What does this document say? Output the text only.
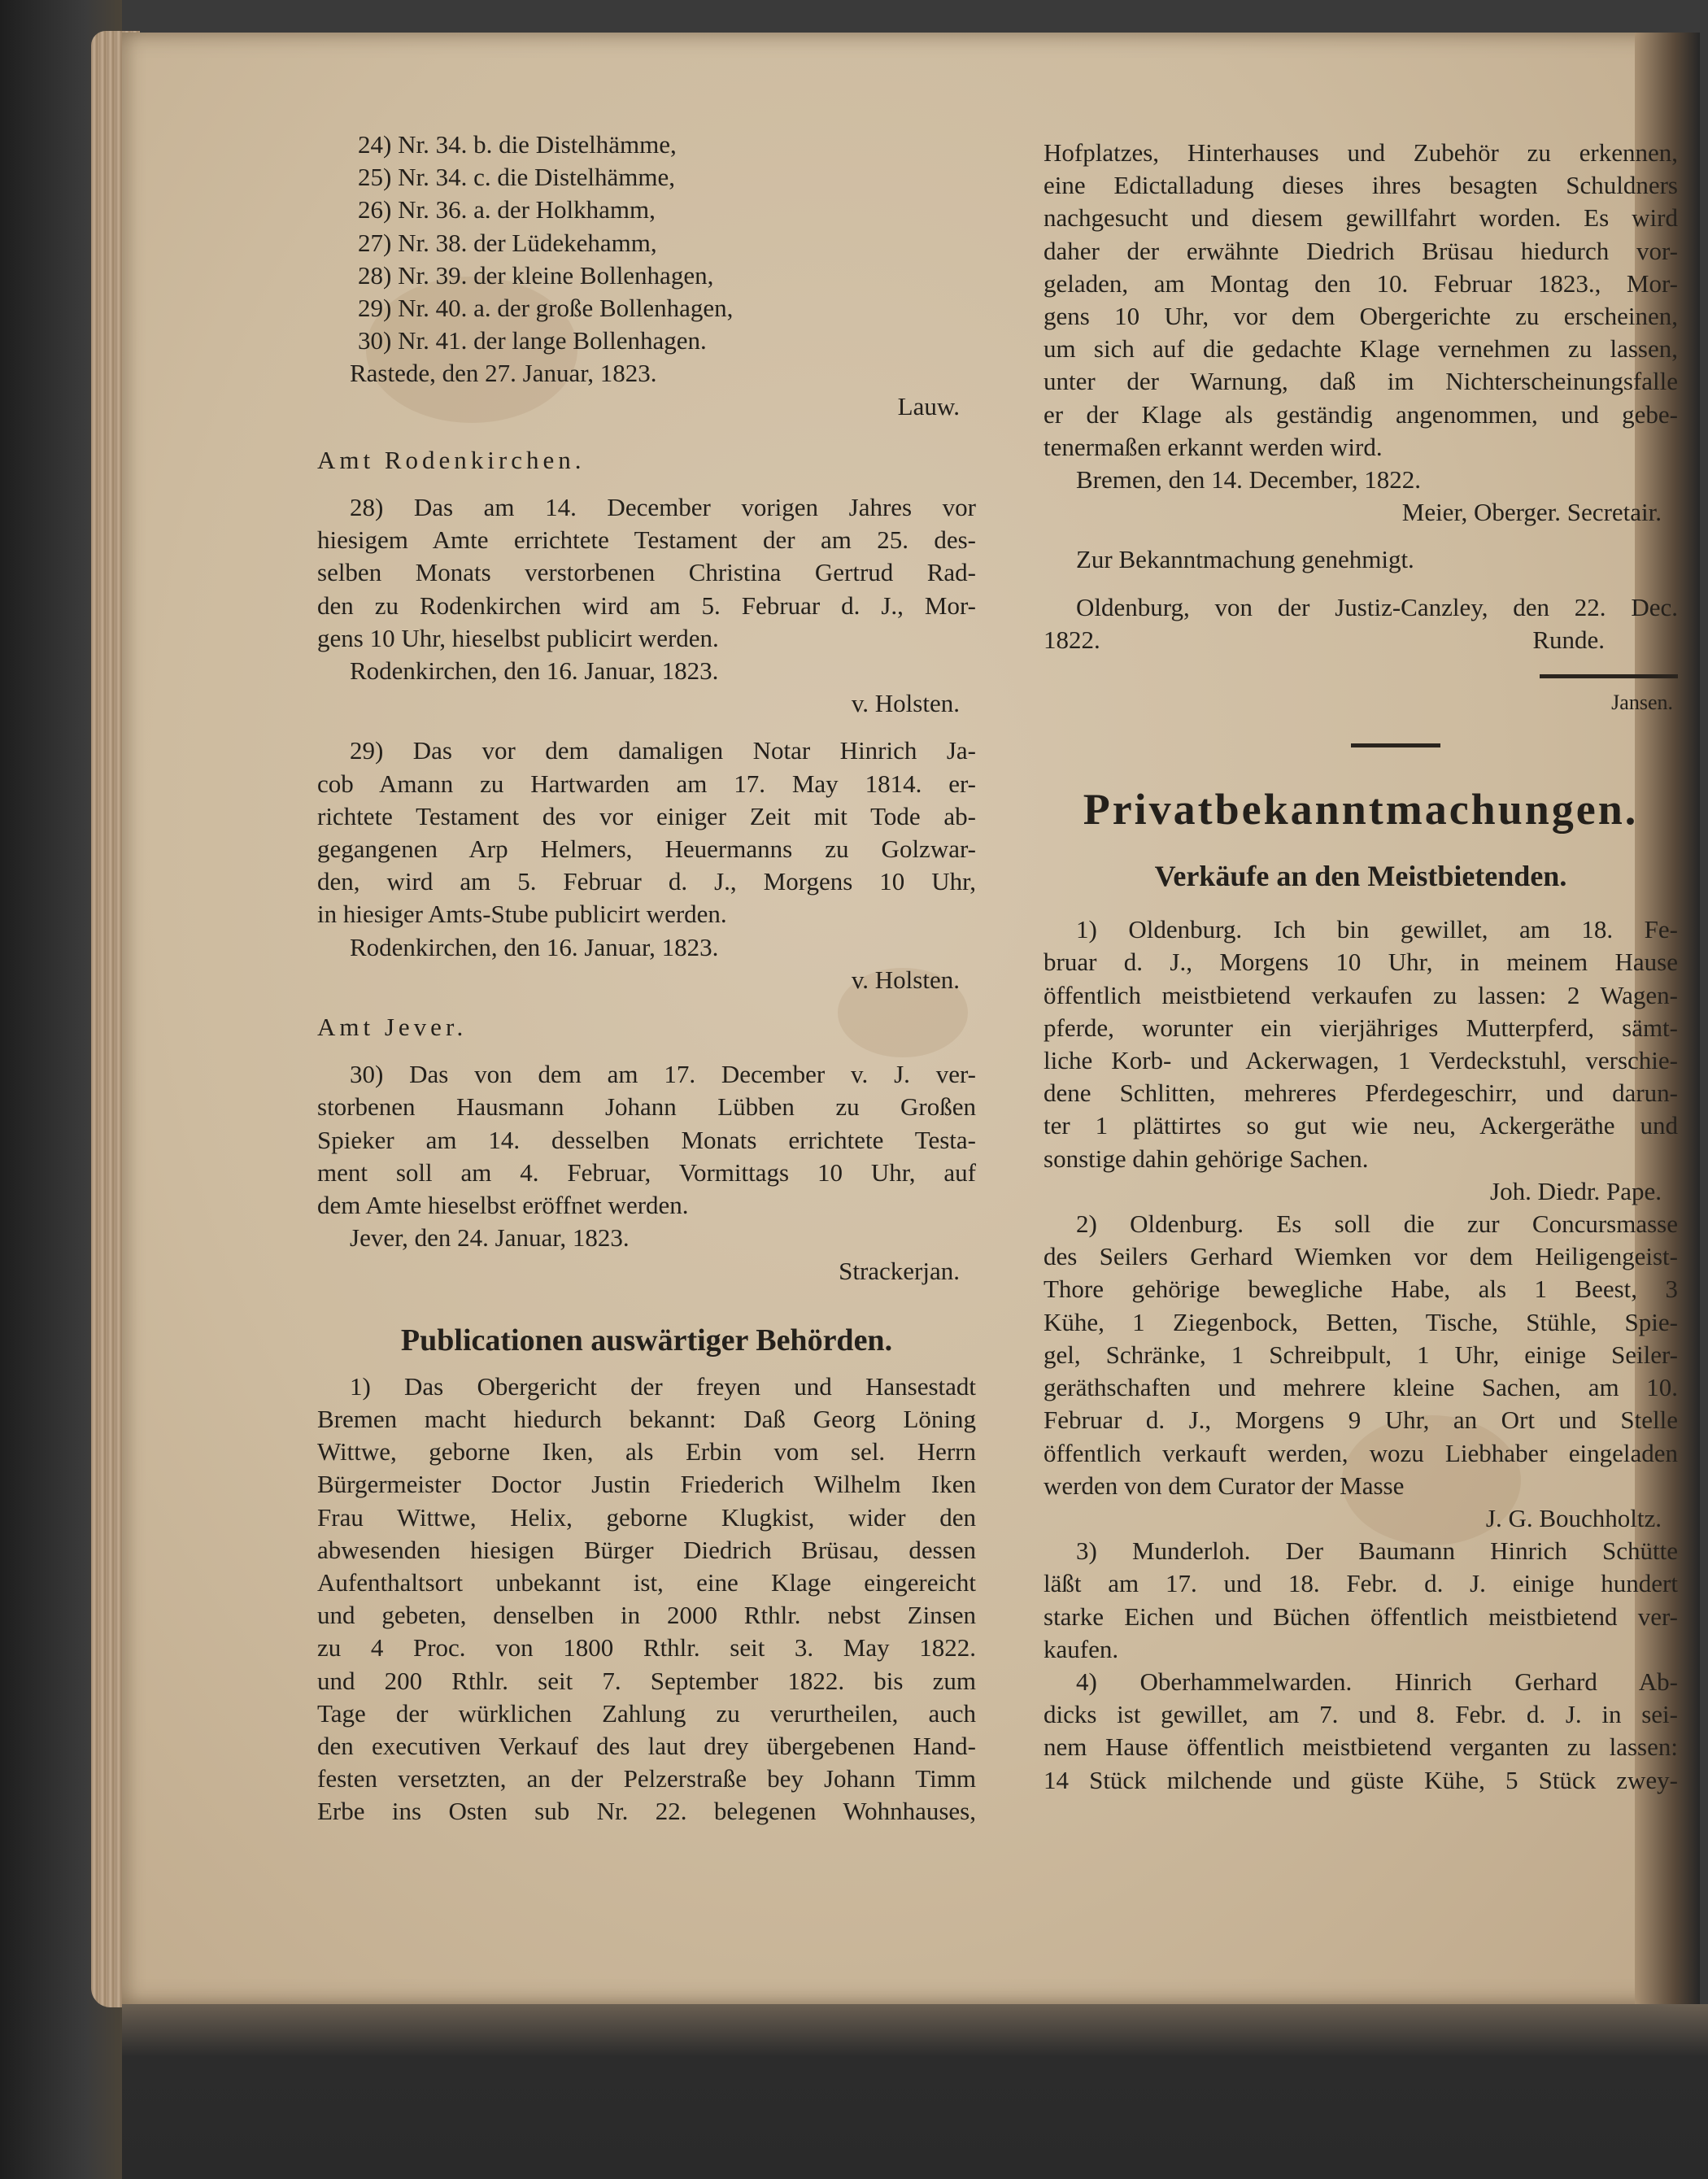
24) Nr. 34. b. die Distelhämme,
25) Nr. 34. c. die Distelhämme,
26) Nr. 36. a. der Holkhamm,
27) Nr. 38. der Lüdekehamm,
28) Nr. 39. der kleine Bollenhagen,
29) Nr. 40. a. der große Bollenhagen,
30) Nr. 41. der lange Bollenhagen.
Rastede, den 27. Januar, 1823.
Lauw.
Amt Rodenkirchen.
28) Das am 14. December vorigen Jahres vor
hiesigem Amte errichtete Testament der am 25. des-
selben Monats verstorbenen Christina Gertrud Rad-
den zu Rodenkirchen wird am 5. Februar d. J., Mor-
gens 10 Uhr, hieselbst publicirt werden.
Rodenkirchen, den 16. Januar, 1823.
v. Holsten.
29) Das vor dem damaligen Notar Hinrich Ja-
cob Amann zu Hartwarden am 17. May 1814. er-
richtete Testament des vor einiger Zeit mit Tode ab-
gegangenen Arp Helmers, Heuermanns zu Golzwar-
den, wird am 5. Februar d. J., Morgens 10 Uhr,
in hiesiger Amts-Stube publicirt werden.
Rodenkirchen, den 16. Januar, 1823.
v. Holsten.
Amt Jever.
30) Das von dem am 17. December v. J. ver-
storbenen Hausmann Johann Lübben zu Großen
Spieker am 14. desselben Monats errichtete Testa-
ment soll am 4. Februar, Vormittags 10 Uhr, auf
dem Amte hieselbst eröffnet werden.
Jever, den 24. Januar, 1823.
Strackerjan.
Publicationen auswärtiger Behörden.
1) Das Obergericht der freyen und Hansestadt
Bremen macht hiedurch bekannt: Daß Georg Löning
Wittwe, geborne Iken, als Erbin vom sel. Herrn
Bürgermeister Doctor Justin Friederich Wilhelm Iken
Frau Wittwe, Helix, geborne Klugkist, wider den
abwesenden hiesigen Bürger Diedrich Brüsau, dessen
Aufenthaltsort unbekannt ist, eine Klage eingereicht
und gebeten, denselben in 2000 Rthlr. nebst Zinsen
zu 4 Proc. von 1800 Rthlr. seit 3. May 1822.
und 200 Rthlr. seit 7. September 1822. bis zum
Tage der würklichen Zahlung zu verurtheilen, auch
den executiven Verkauf des laut drey übergebenen Hand-
festen versetzten, an der Pelzerstraße bey Johann Timm
Erbe ins Osten sub Nr. 22. belegenen Wohnhauses,
Hofplatzes, Hinterhauses und Zubehör zu erkennen,
eine Edictalladung dieses ihres besagten Schuldners
nachgesucht und diesem gewillfahrt worden. Es wird
daher der erwähnte Diedrich Brüsau hiedurch vor-
geladen, am Montag den 10. Februar 1823., Mor-
gens 10 Uhr, vor dem Obergerichte zu erscheinen,
um sich auf die gedachte Klage vernehmen zu lassen,
unter der Warnung, daß im Nichterscheinungsfalle
er der Klage als geständig angenommen, und gebe-
tenermaßen erkannt werden wird.
Bremen, den 14. December, 1822.
Meier, Oberger. Secretair.
Zur Bekanntmachung genehmigt.
Oldenburg, von der Justiz-Canzley, den 22. Dec.
1822.	Runde.
Jansen.
Privatbekanntmachungen.
Verkäufe an den Meistbietenden.
1) Oldenburg. Ich bin gewillet, am 18. Fe-
bruar d. J., Morgens 10 Uhr, in meinem Hause
öffentlich meistbietend verkaufen zu lassen: 2 Wagen-
pferde, worunter ein vierjähriges Mutterpferd, sämt-
liche Korb- und Ackerwagen, 1 Verdeckstuhl, verschie-
dene Schlitten, mehreres Pferdegeschirr, und darun-
ter 1 plättirtes so gut wie neu, Ackergeräthe und
sonstige dahin gehörige Sachen.
Joh. Diedr. Pape.
2) Oldenburg. Es soll die zur Concursmasse
des Seilers Gerhard Wiemken vor dem Heiligengeist-
Thore gehörige bewegliche Habe, als 1 Beest, 3
Kühe, 1 Ziegenbock, Betten, Tische, Stühle, Spie-
gel, Schränke, 1 Schreibpult, 1 Uhr, einige Seiler-
geräthschaften und mehrere kleine Sachen, am 10.
Februar d. J., Morgens 9 Uhr, an Ort und Stelle
öffentlich verkauft werden, wozu Liebhaber eingeladen
werden von dem Curator der Masse
J. G. Bouchholtz.
3) Munderloh. Der Baumann Hinrich Schütte
läßt am 17. und 18. Febr. d. J. einige hundert
starke Eichen und Büchen öffentlich meistbietend ver-
kaufen.
4) Oberhammelwarden. Hinrich Gerhard Ab-
dicks ist gewillet, am 7. und 8. Febr. d. J. in sei-
nem Hause öffentlich meistbietend verganten zu lassen:
14 Stück milchende und güste Kühe, 5 Stück zwey-
